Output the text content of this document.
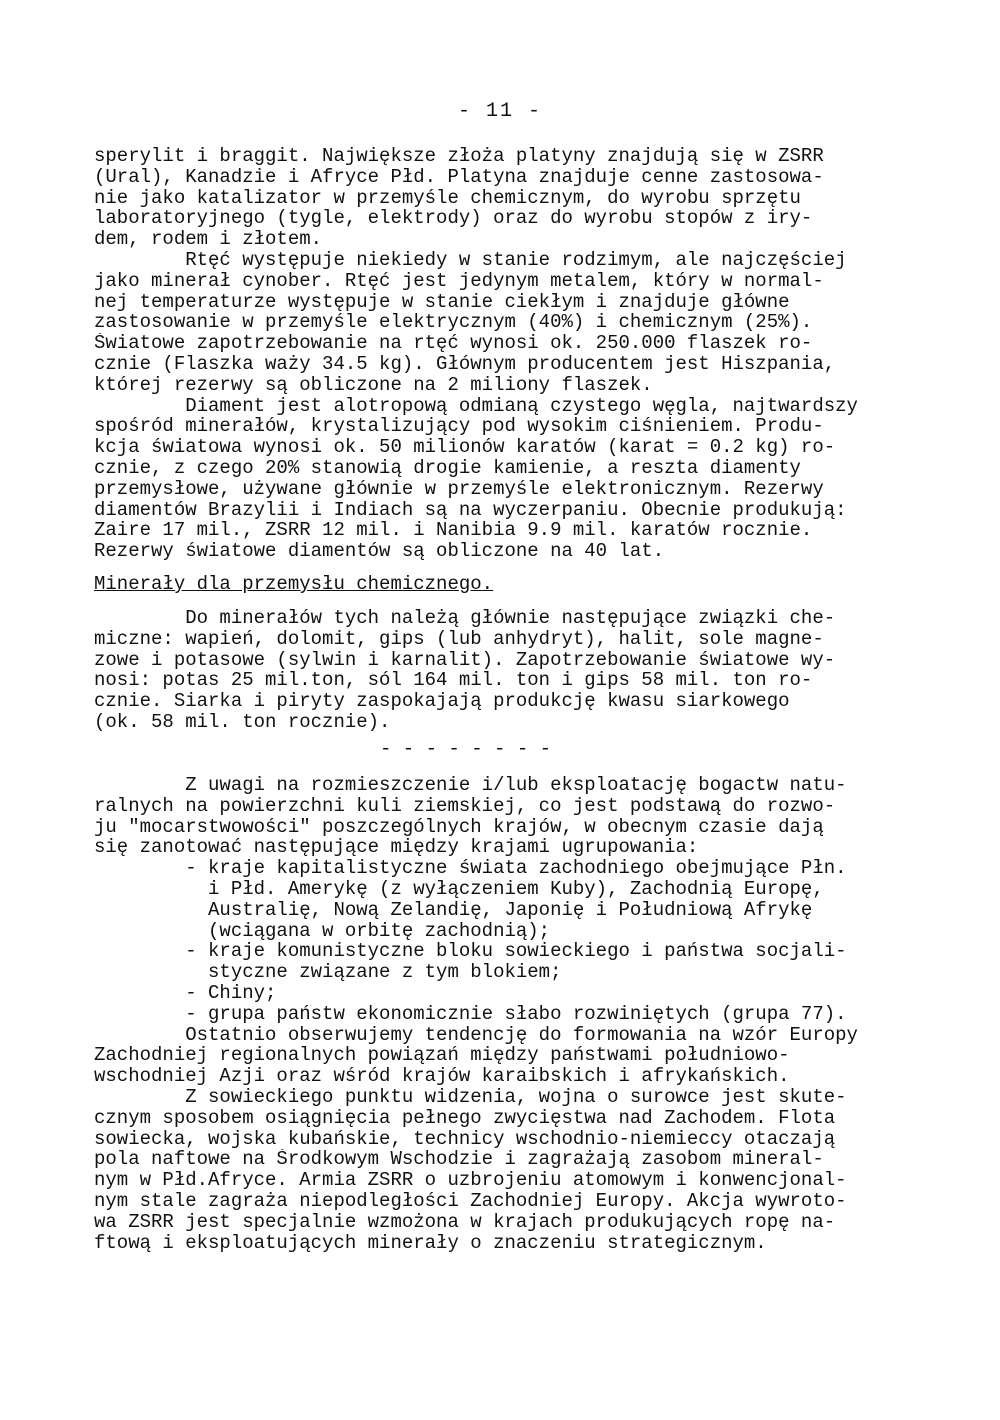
- 11 -
sperylit i braggit. Największe złoża platyny znajdują się w ZSRR
(Ural), Kanadzie i Afryce Płd. Platyna znajduje cenne zastosowa-
nie jako katalizator w przemyśle chemicznym, do wyrobu sprzętu
laboratoryjnego (tygle, elektrody) oraz do wyrobu stopów z iry-
dem, rodem i złotem.
Rtęć występuje niekiedy w stanie rodzimym, ale najczęściej
jako minerał cynober. Rtęć jest jedynym metalem, który w normal-
nej temperaturze występuje w stanie ciekłym i znajduje główne
zastosowanie w przemyśle elektrycznym (40%) i chemicznym (25%).
Światowe zapotrzebowanie na rtęć wynosi ok. 250.000 flaszek ro-
cznie (Flaszka waży 34.5 kg). Głównym producentem jest Hiszpania,
której rezerwy są obliczone na 2 miliony flaszek.
Diament jest alotropową odmianą czystego węgla, najtwardszy
spośród minerałów, krystalizujący pod wysokim ciśnieniem. Produ-
kcja światowa wynosi ok. 50 milionów karatów (karat = 0.2 kg) ro-
cznie, z czego 20% stanowią drogie kamienie, a reszta diamenty
przemysłowe, używane głównie w przemyśle elektronicznym. Rezerwy
diamentów Brazylii i Indiach są na wyczerpaniu. Obecnie produkują:
Zaire 17 mil., ZSRR 12 mil. i Nanibia 9.9 mil. karatów rocznie.
Rezerwy światowe diamentów są obliczone na 40 lat.
Minerały dla przemysłu chemicznego.
Do minerałów tych należą głównie następujące związki che-
miczne: wapień, dolomit, gips (lub anhydryt), halit, sole magne-
zowe i potasowe (sylwin i karnalit). Zapotrzebowanie światowe wy-
nosi: potas 25 mil.ton, sól 164 mil. ton i gips 58 mil. ton ro-
cznie. Siarka i piryty zaspokajają produkcję kwasu siarkowego
(ok. 58 mil. ton rocznie).
- - - - - - - -
Z uwagi na rozmieszczenie i/lub eksploatację bogactw natu-
ralnych na powierzchni kuli ziemskiej, co jest podstawą do rozwo-
ju "mocarstwowości" poszczególnych krajów, w obecnym czasie dają
się zanotować następujące między krajami ugrupowania:
- kraje kapitalistyczne świata zachodniego obejmujące Płn.
i Płd. Amerykę (z wyłączeniem Kuby), Zachodnią Europę,
Australię, Nową Zelandię, Japonię i Południową Afrykę
(wciągana w orbitę zachodnią);
- kraje komunistyczne bloku sowieckiego i państwa socjali-
styczne związane z tym blokiem;
- Chiny;
- grupa państw ekonomicznie słabo rozwiniętych (grupa 77).
Ostatnio obserwujemy tendencję do formowania na wzór Europy
Zachodniej regionalnych powiązań między państwami południowo-
wschodniej Azji oraz wśród krajów karaibskich i afrykańskich.
Z sowieckiego punktu widzenia, wojna o surowce jest skute-
cznym sposobem osiągnięcia pełnego zwycięstwa nad Zachodem. Flota
sowiecka, wojska kubańskie, technicy wschodnio-niemieccy otaczają
pola naftowe na Środkowym Wschodzie i zagrażają zasobom mineral-
nym w Płd.Afryce. Armia ZSRR o uzbrojeniu atomowym i konwencjonal-
nym stale zagraża niepodległości Zachodniej Europy. Akcja wywroto-
wa ZSRR jest specjalnie wzmożona w krajach produkujących ropę na-
ftową i eksploatujących minerały o znaczeniu strategicznym.
